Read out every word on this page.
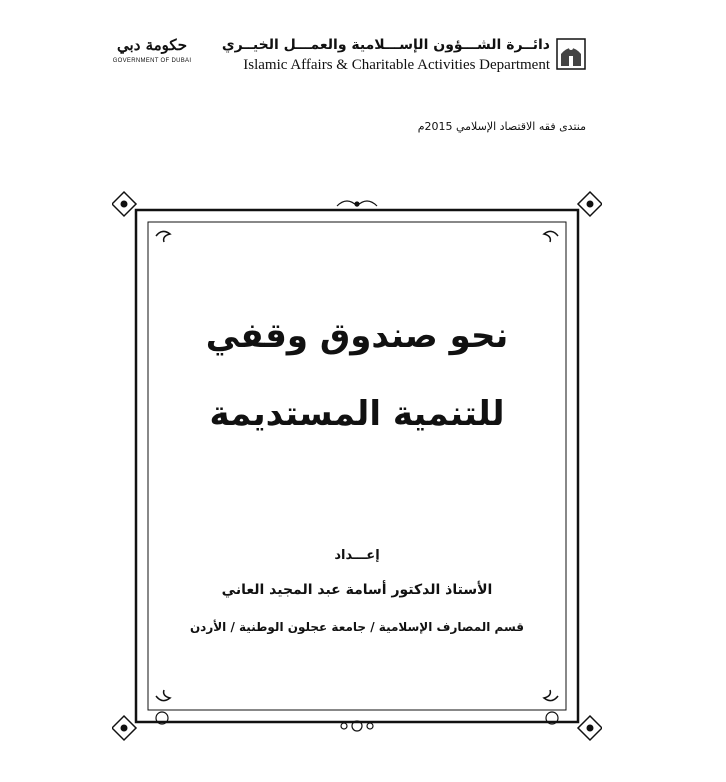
حكومة دبي
GOVERNMENT OF DUBAI
دائــرة الشـــؤون الإســـلامية والعمـــل الخيــري
Islamic Affairs & Charitable Activities Department
منتدى فقه الاقتصاد الإسلامي 2015م
نحو صندوق وقفي
للتنمية المستديمة
إعـــداد
الأستاذ الدكتور أسامة عبد المجيد العاني
قسم المصارف الإسلامية / جامعة عجلون الوطنية / الأردن
